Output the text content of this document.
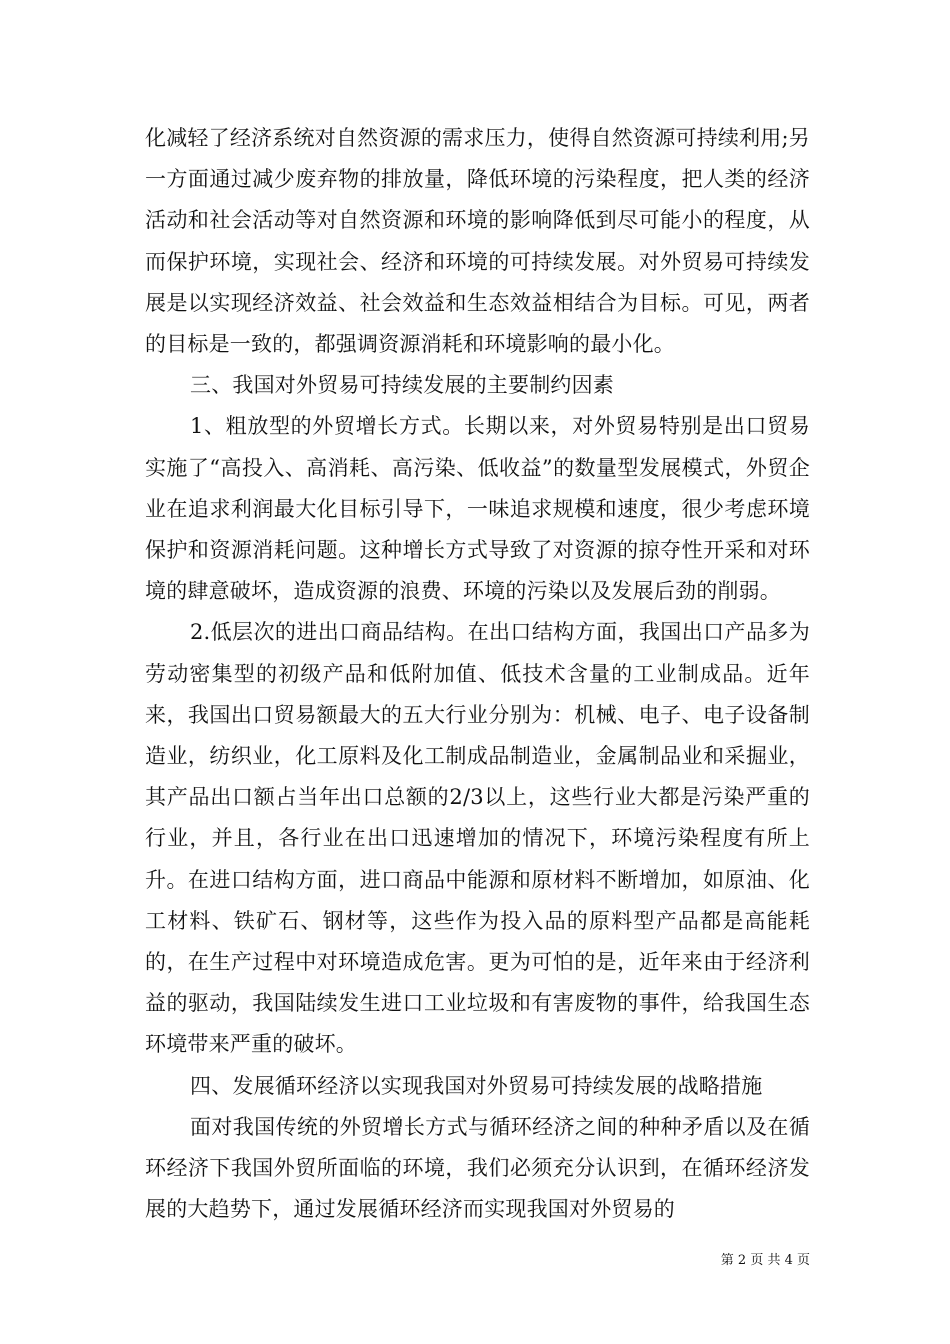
化减轻了经济系统对自然资源的需求压力，使得自然资源可持续利用;另一方面通过减少废弃物的排放量，降低环境的污染程度，把人类的经济活动和社会活动等对自然资源和环境的影响降低到尽可能小的程度，从而保护环境，实现社会、经济和环境的可持续发展。对外贸易可持续发展是以实现经济效益、社会效益和生态效益相结合为目标。可见，两者的目标是一致的，都强调资源消耗和环境影响的最小化。

三、我国对外贸易可持续发展的主要制约因素

1、粗放型的外贸增长方式。长期以来，对外贸易特别是出口贸易实施了“高投入、高消耗、高污染、低收益”的数量型发展模式，外贸企业在追求利润最大化目标引导下，一味追求规模和速度，很少考虑环境保护和资源消耗问题。这种增长方式导致了对资源的掠夺性开采和对环境的肆意破坏，造成资源的浪费、环境的污染以及发展后劲的削弱。

2.低层次的进出口商品结构。在出口结构方面，我国出口产品多为劳动密集型的初级产品和低附加值、低技术含量的工业制成品。近年来，我国出口贸易额最大的五大行业分别为：机械、电子、电子设备制造业，纺织业，化工原料及化工制成品制造业，金属制品业和采掘业，其产品出口额占当年出口总额的2/3以上，这些行业大都是污染严重的行业，并且，各行业在出口迅速增加的情况下，环境污染程度有所上升。在进口结构方面，进口商品中能源和原材料不断增加，如原油、化工材料、铁矿石、钢材等，这些作为投入品的原料型产品都是高能耗的，在生产过程中对环境造成危害。更为可怕的是，近年来由于经济利益的驱动，我国陆续发生进口工业垃圾和有害废物的事件，给我国生态环境带来严重的破坏。

四、发展循环经济以实现我国对外贸易可持续发展的战略措施

面对我国传统的外贸增长方式与循环经济之间的种种矛盾以及在循环经济下我国外贸所面临的环境，我们必须充分认识到，在循环经济发展的大趋势下，通过发展循环经济而实现我国对外贸易的

第 2 页 共 4 页
